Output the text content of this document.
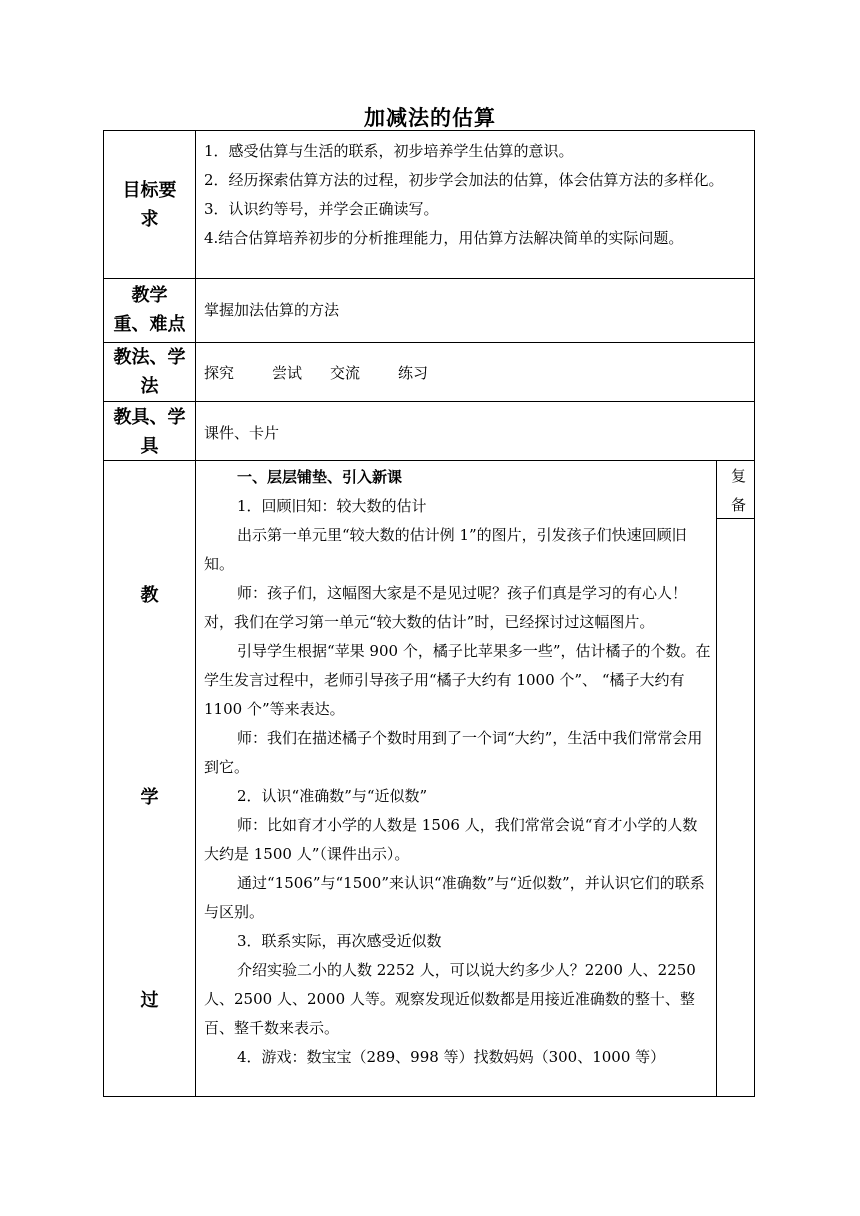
加减法的估算
目标要
求

1．感受估算与生活的联系，初步培养学生估算的意识。

2．经历探索估算方法的过程，初步学会加法的估算，体会估算方法的多样化。

3．认识约等号，并学会正确读写。

4.结合估算培养初步的分析推理能力，用估算方法解决简单的实际问题。

教学
重、难点
掌握加法估算的方法
教法、学
法
探究	尝试 交流	练习
教具、学
具
课件、卡片
教
学
过
复
备

一、层层铺垫、引入新课

1．回顾旧知：较大数的估计

出示第一单元里“较大数的估计例 1”的图片，引发孩子们快速回顾旧知。

师：孩子们，这幅图大家是不是见过呢？孩子们真是学习的有心人！对，我们在学习第一单元“较大数的估计”时，已经探讨过这幅图片。

引导学生根据“苹果 900 个，橘子比苹果多一些”，估计橘子的个数。在学生发言过程中，老师引导孩子用“橘子大约有 1000 个”、 “橘子大约有 1100 个”等来表达。

师：我们在描述橘子个数时用到了一个词“大约”，生活中我们常常会用到它。

2．认识“准确数”与“近似数”

师：比如育才小学的人数是 1506 人，我们常常会说“育才小学的人数大约是 1500 人”（课件出示）。

通过“1506”与“1500”来认识“准确数”与“近似数”，并认识它们的联系与区别。

3．联系实际，再次感受近似数

介绍实验二小的人数 2252 人，可以说大约多少人？2200 人、2250 人、2500 人、2000 人等。观察发现近似数都是用接近准确数的整十、整百、整千数来表示。

4．游戏：数宝宝（289、998 等）找数妈妈（300、1000 等）
